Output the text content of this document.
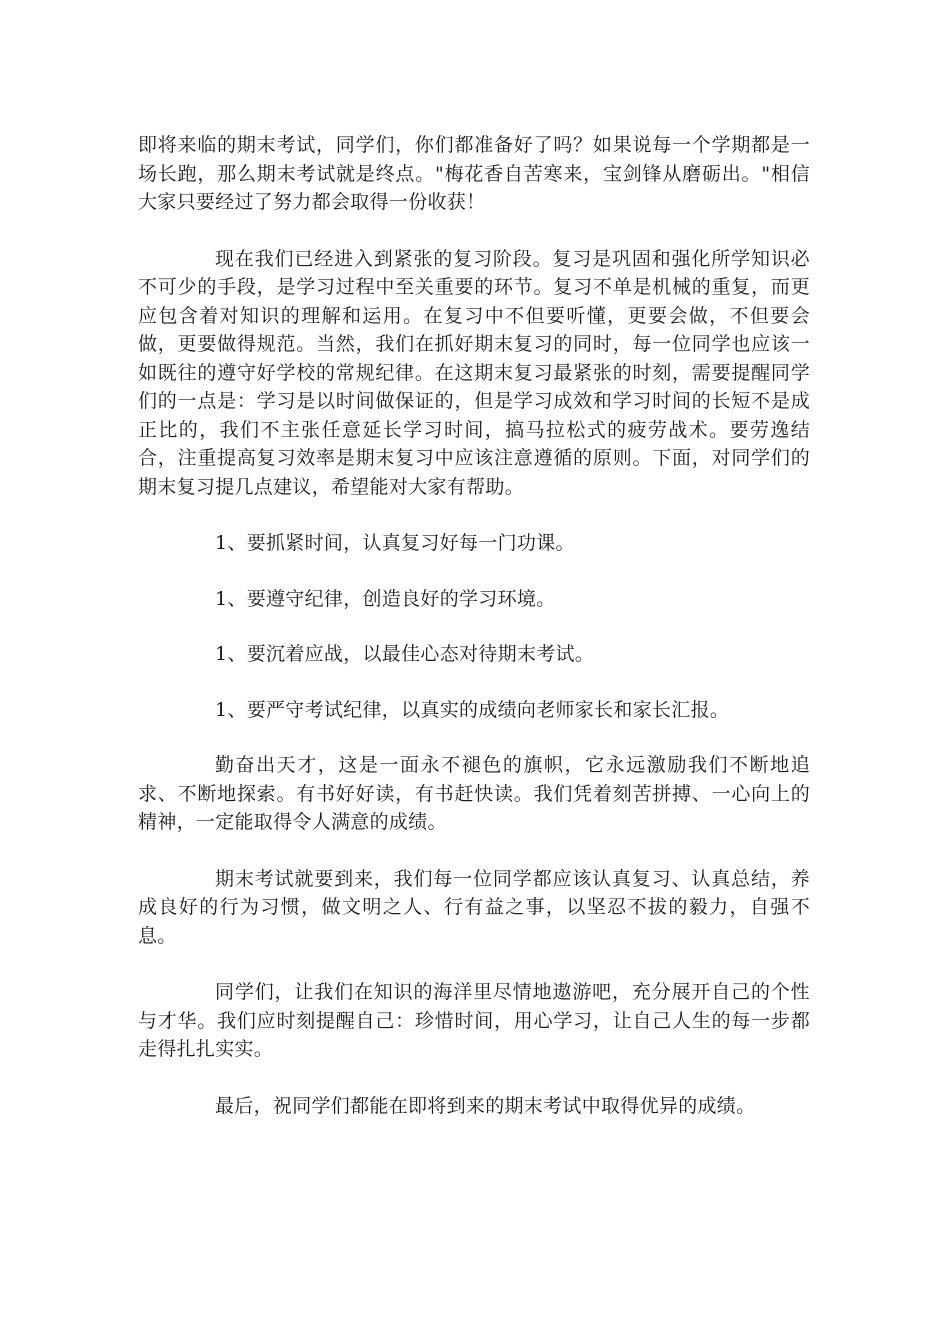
即将来临的期末考试，同学们，你们都准备好了吗？如果说每一个学期都是一场长跑，那么期末考试就是终点。"梅花香自苦寒来，宝剑锋从磨砺出。"相信大家只要经过了努力都会取得一份收获！

现在我们已经进入到紧张的复习阶段。复习是巩固和强化所学知识必不可少的手段，是学习过程中至关重要的环节。复习不单是机械的重复，而更应包含着对知识的理解和运用。在复习中不但要听懂，更要会做，不但要会做，更要做得规范。当然，我们在抓好期末复习的同时，每一位同学也应该一如既往的遵守好学校的常规纪律。在这期末复习最紧张的时刻，需要提醒同学们的一点是：学习是以时间做保证的，但是学习成效和学习时间的长短不是成正比的，我们不主张任意延长学习时间，搞马拉松式的疲劳战术。要劳逸结合，注重提高复习效率是期末复习中应该注意遵循的原则。下面，对同学们的期末复习提几点建议，希望能对大家有帮助。

1、要抓紧时间，认真复习好每一门功课。

1、要遵守纪律，创造良好的学习环境。

1、要沉着应战，以最佳心态对待期末考试。

1、要严守考试纪律，以真实的成绩向老师家长和家长汇报。

勤奋出天才，这是一面永不褪色的旗帜，它永远激励我们不断地追求、不断地探索。有书好好读，有书赶快读。我们凭着刻苦拼搏、一心向上的精神，一定能取得令人满意的成绩。

期末考试就要到来，我们每一位同学都应该认真复习、认真总结，养成良好的行为习惯，做文明之人、行有益之事，以坚忍不拔的毅力，自强不息。

同学们，让我们在知识的海洋里尽情地遨游吧，充分展开自己的个性与才华。我们应时刻提醒自己：珍惜时间，用心学习，让自己人生的每一步都走得扎扎实实。

最后，祝同学们都能在即将到来的期末考试中取得优异的成绩。
